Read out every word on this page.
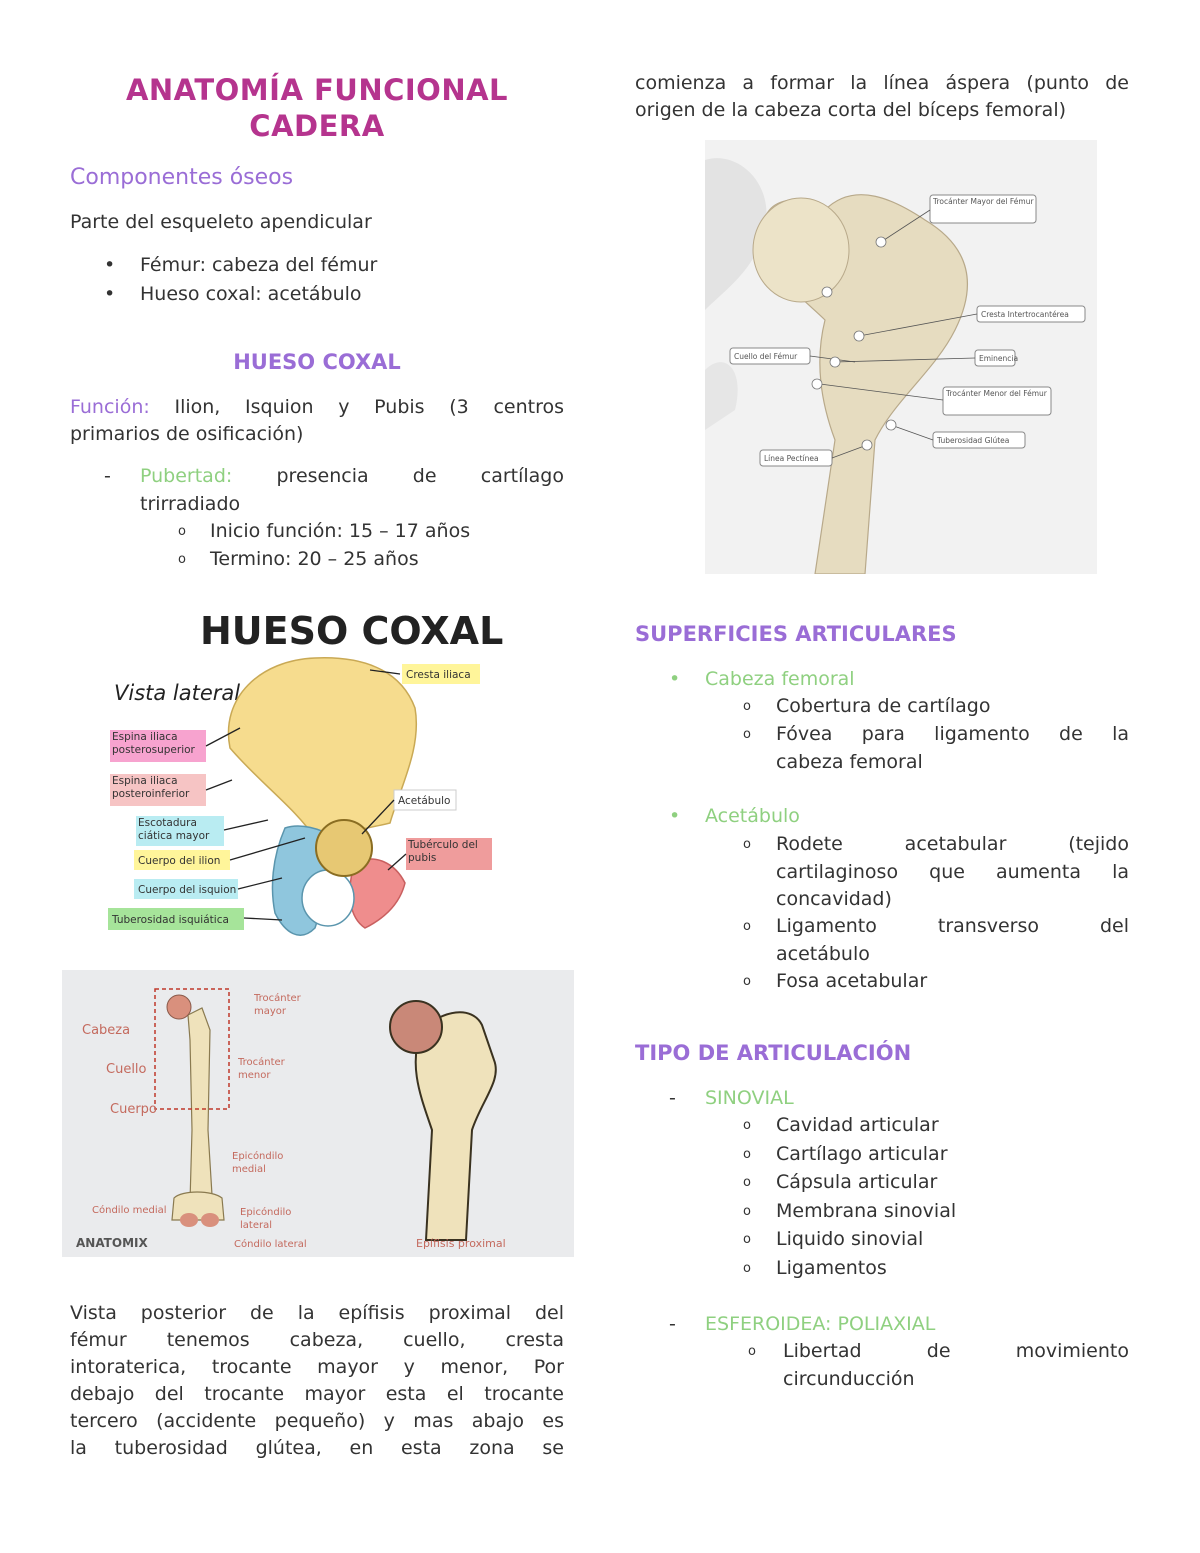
ANATOMÍA FUNCIONAL
CADERA
Componentes óseos
Parte del esqueleto apendicular
• Fémur: cabeza del fémur
• Hueso coxal: acetábulo
HUESO COXAL
Función: Ilion, Isquion y Pubis (3 centros
primarios de osificación)
- Pubertad: presencia de cartílago
trirradiado
o Inicio función: 15 – 17 años
o Termino: 20 – 25 años
HUESO COXAL
Vista lateral
Cresta iliaca
Espina iliaca posterosuperior
Espina iliaca posteroinferior
Escotadura ciática mayor
Cuerpo del ilion
Cuerpo del isquion
Tuberosidad isquiática
Acetábulo
Tubérculo del pubis
Cabeza
Cuello
Cuerpo
Trocánter mayor
Trocánter menor
Epicóndilo medial
Cóndilo medial	Epicóndilo lateral
Cóndilo lateral	Epífisis proximal
ANATOMIX
Vista posterior de la epífisis proximal del
fémur tenemos cabeza, cuello, cresta
intoraterica, trocante mayor y menor, Por
debajo del trocante mayor esta el trocante
tercero (accidente pequeño) y mas abajo es
la tuberosidad glútea, en esta zona se
comienza a formar la línea áspera (punto de
origen de la cabeza corta del bíceps femoral)
Trocánter Mayor del Fémur
Cresta Intertrocantérea
Cuello del Fémur	Eminencia
Trocánter Menor del Fémur
Tuberosidad Glútea
Línea Pectínea
SUPERFICIES ARTICULARES
• Cabeza femoral
o Cobertura de cartílago
o Fóvea para ligamento de la
cabeza femoral
• Acetábulo
o Rodete acetabular (tejido
cartilaginoso que aumenta la
concavidad)
o Ligamento transverso del
acetábulo
o Fosa acetabular
TIPO DE ARTICULACIÓN
- SINOVIAL
o Cavidad articular
o Cartílago articular
o Cápsula articular
o Membrana sinovial
o Liquido sinovial
o Ligamentos
- ESFEROIDEA: POLIAXIAL
o Libertad de movimiento
circunducción
